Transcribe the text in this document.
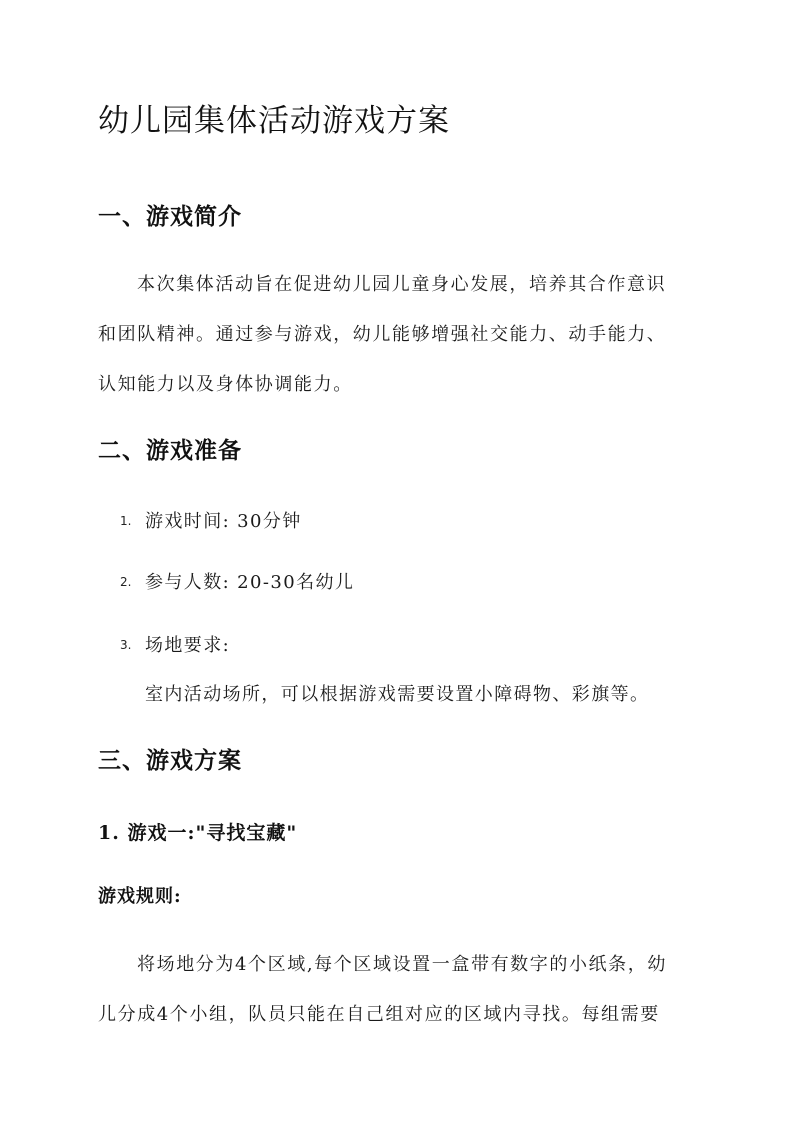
幼儿园集体活动游戏方案
一、游戏简介
本次集体活动旨在促进幼儿园儿童身心发展，培养其合作意识
和团队精神。通过参与游戏，幼儿能够增强社交能力、动手能力、
认知能力以及身体协调能力。
二、游戏准备
1. 游戏时间: 30分钟
2. 参与人数: 20-30名幼儿
3. 场地要求:
室内活动场所，可以根据游戏需要设置小障碍物、彩旗等。
三、游戏方案
1. 游戏一:"寻找宝藏"
游戏规则:
将场地分为4个区域,每个区域设置一盒带有数字的小纸条，幼
儿分成4个小组，队员只能在自己组对应的区域内寻找。每组需要
